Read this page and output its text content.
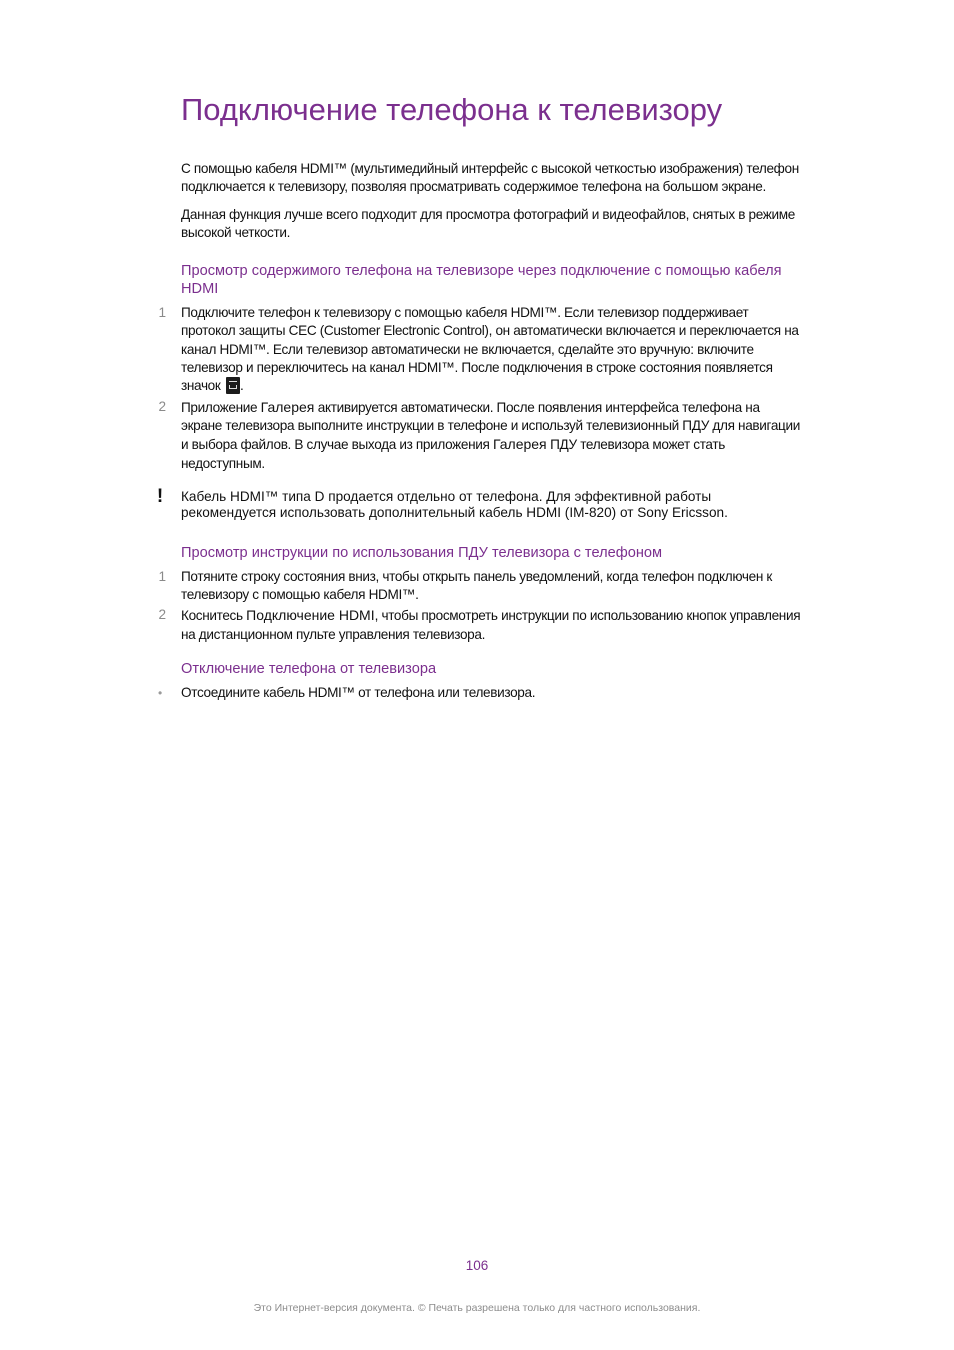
Подключение телефона к телевизору

С помощью кабеля HDMI™ (мультимедийный интерфейс с высокой четкостью изображения) телефон подключается к телевизору, позволяя просматривать содержимое телефона на большом экране.

Данная функция лучше всего подходит для просмотра фотографий и видеофайлов, снятых в режиме высокой четкости.

Просмотр содержимого телефона на телевизоре через подключение с помощью кабеля HDMI
1 Подключите телефон к телевизору с помощью кабеля HDMI™. Если телевизор поддерживает протокол защиты CEC (Customer Electronic Control), он автоматически включается и переключается на канал HDMI™. Если телевизор автоматически не включается, сделайте это вручную: включите телевизор и переключитесь на канал HDMI™. После подключения в строке состояния появляется значок .
2 Приложение Галерея активируется автоматически. После появления интерфейса телефона на экране телевизора выполните инструкции в телефоне и используй телевизионный ПДУ для навигации и выбора файлов. В случае выхода из приложения Галерея ПДУ телевизора может стать недоступным.
! Кабель HDMI™ типа D продается отдельно от телефона. Для эффективной работы рекомендуется использовать дополнительный кабель HDMI (IM-820) от Sony Ericsson.
Просмотр инструкции по использования ПДУ телевизора с телефоном
1 Потяните строку состояния вниз, чтобы открыть панель уведомлений, когда телефон подключен к телевизору с помощью кабеля HDMI™.
2 Коснитесь Подключение HDMI, чтобы просмотреть инструкции по использованию кнопок управления на дистанционном пульте управления телевизора.
Отключение телефона от телевизора
• Отсоедините кабель HDMI™ от телефона или телевизора.
106
Это Интернет-версия документа. © Печать разрешена только для частного использования.
